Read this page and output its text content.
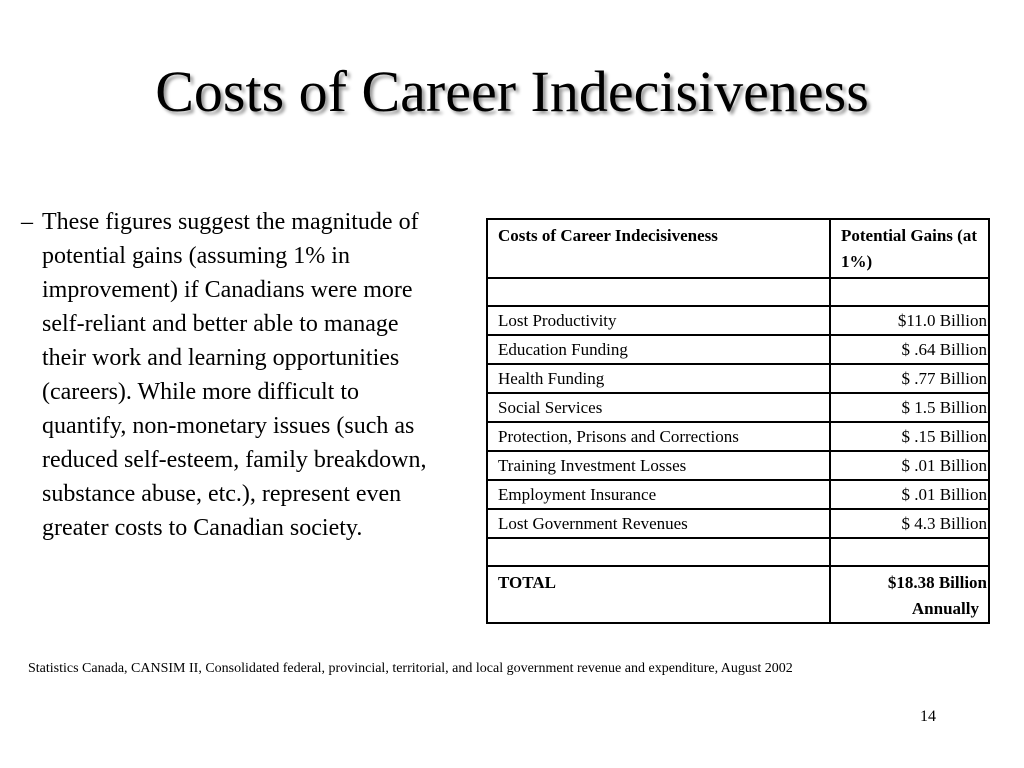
Costs of Career Indecisiveness
– These figures suggest the magnitude of potential gains (assuming 1% in improvement) if Canadians were more self-reliant and better able to manage their work and learning opportunities (careers). While more difficult to quantify, non-monetary issues (such as reduced self-esteem, family breakdown, substance abuse, etc.), represent even greater costs to Canadian society.

Costs of Career Indecisiveness	Potential Gains (at 1%)

Lost Productivity	$11.0 Billion
Education Funding	$ .64 Billion
Health Funding	$ .77 Billion
Social Services	$ 1.5 Billion
Protection, Prisons and Corrections	$ .15 Billion
Training Investment Losses	$ .01 Billion
Employment Insurance	$ .01 Billion
Lost Government Revenues	$ 4.3 Billion

TOTAL	$18.38 Billion
Annually

Statistics Canada, CANSIM II, Consolidated federal, provincial, territorial, and local government revenue and expenditure, August 2002

14
